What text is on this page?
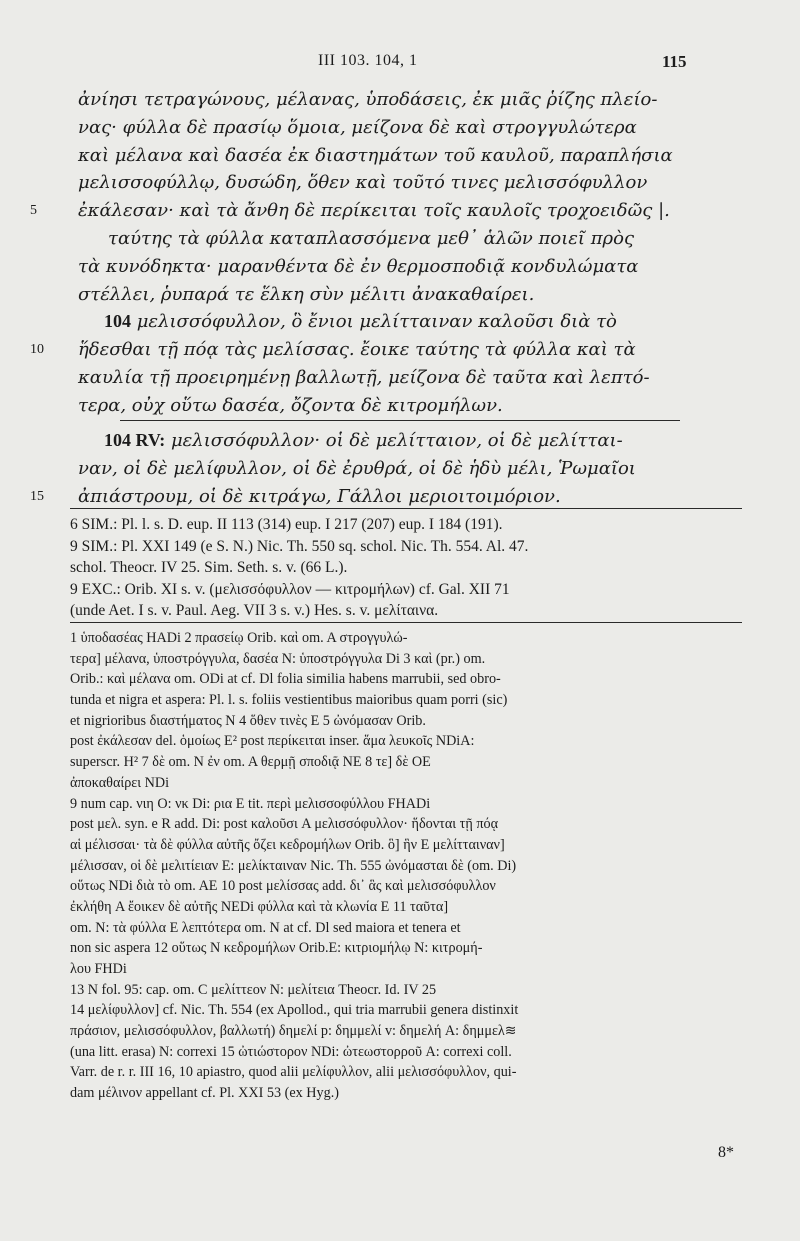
III 103. 104, 1	115
ἀνίησι τετραγώνους, μέλανας, ὑποδάσεις, ἐκ μιᾶς ῥίζης πλείο-
νας· φύλλα δὲ πρασίῳ ὅμοια, μείζονα δὲ καὶ στρογγυλώτερα
καὶ μέλανα καὶ δασέα ἐκ διαστημάτων τοῦ καυλοῦ, παραπλήσια
μελισσοφύλλῳ, δυσώδη, ὅθεν καὶ τοῦτό τινες μελισσόφυλλον
5	ἐκάλεσαν· καὶ τὰ ἄνθη δὲ περίκειται τοῖς καυλοῖς τροχοειδῶς |.
ταύτης τὰ φύλλα καταπλασσόμενα μεθ᾽ ἁλῶν ποιεῖ πρὸς
τὰ κυνόδηκτα· μαρανθέντα δὲ ἐν θερμοσποδιᾷ κονδυλώματα
στέλλει, ῥυπαρά τε ἕλκη σὺν μέλιτι ἀνακαθαίρει.
104 μελισσόφυλλον, ὃ ἔνιοι μελίτταιναν καλοῦσι διὰ τὸ
10	ἥδεσθαι τῇ πόᾳ τὰς μελίσσας. ἔοικε ταύτης τὰ φύλλα καὶ τὰ
καυλία τῇ προειρημένῃ βαλλωτῇ, μείζονα δὲ ταῦτα καὶ λεπτό-
τερα, οὐχ οὕτω δασέα, ὄζοντα δὲ κιτρομήλων.
104 RV: μελισσόφυλλον· οἱ δὲ μελίτταιον, οἱ δὲ μελίτται-
ναν, οἱ δὲ μελίφυλλον, οἱ δὲ ἐρυθρά, οἱ δὲ ἡδὺ μέλι, Ῥωμαῖοι
15	ἀπιάστρουμ, οἱ δὲ κιτράγω, Γάλλοι μεριοιτοιμόριον.
6 SIM.: Pl. l. s. D. eup. II 113 (314) eup. I 217 (207) eup. I 184 (191).
9 SIM.: Pl. XXI 149 (e S. N.) Nic. Th. 550 sq. schol. Nic. Th. 554. Al. 47.
schol. Theocr. IV 25. Sim. Seth. s. v. (66 L.).
9 EXC.: Orib. XI s. v. (μελισσόφυλλον — κιτρομήλων) cf. Gal. XII 71
(unde Aet. I s. v. Paul. Aeg. VII 3 s. v.) Hes. s. v. μελίταινα.
1 ὑποδασέας HADi 2 πρασείῳ Orib. καὶ om. A στρογγυλώ-
τερα] μέλανα, ὑποστρόγγυλα, δασέα N: ὑποστρόγγυλα Di 3 καὶ (pr.) om.
Orib.: καὶ μέλανα om. ODi at cf. Dl folia similia habens marrubii, sed obro-
tunda et nigra et aspera: Pl. l. s. foliis vestientibus maioribus quam porri (sic)
et nigrioribus διαστήματος N 4 ὅθεν τινὲς E 5 ὠνόμασαν Orib.
post ἐκάλεσαν del. ὁμοίως E² post περίκειται inser. ἅμα λευκοῖς NDiA:
superscr. H² 7 δὲ om. N ἐν om. A θερμῇ σποδιᾷ NE 8 τε] δὲ OE
ἀποκαθαίρει NDi
9 num cap. νιη O: νκ Di: ρια E tit. περὶ μελισσοφύλλου FHADi
post μελ. syn. e R add. Di: post καλοῦσι A μελισσόφυλλον· ἥδονται τῇ πόᾳ
αἱ μέλισσαι· τὰ δὲ φύλλα αὐτῆς ὄζει κεδρομήλων Orib. ὃ] ἣν E μελίτταιναν]
μέλισσαν, οἱ δὲ μελιτίειαν E: μελίκταιναν Nic. Th. 555 ὠνόμασται δὲ (om. Di)
οὕτως NDi διὰ τὸ om. AE 10 post μελίσσας add. δι᾽ ἃς καὶ μελισσόφυλλον
ἐκλήθη A ἔοικεν δὲ αὐτῆς NEDi φύλλα καὶ τὰ κλωνία E 11 ταῦτα]
om. N: τὰ φύλλα E λεπτότερα om. N at cf. Dl sed maiora et tenera et
non sic aspera 12 οὕτως N κεδρομήλων Orib.E: κιτριομήλῳ N: κιτρομή-
λου FHDi
13 N fol. 95: cap. om. C μελίττεον N: μελίτεια Theocr. Id. IV 25
14 μελίφυλλον] cf. Nic. Th. 554 (ex Apollod., qui tria marrubii genera distinxit
πράσιον, μελισσόφυλλον, βαλλωτή) δημελί p: δημμελί v: δημελή A: δημμελ≋
(una litt. erasa) N: correxi 15 ὠτιώστορον NDi: ὠτεωστορροῦ A: correxi coll.
Varr. de r. r. III 16, 10 apiastro, quod alii μελίφυλλον, alii μελισσόφυλλον, qui-
dam μέλινον appellant cf. Pl. XXI 53 (ex Hyg.)
8*
